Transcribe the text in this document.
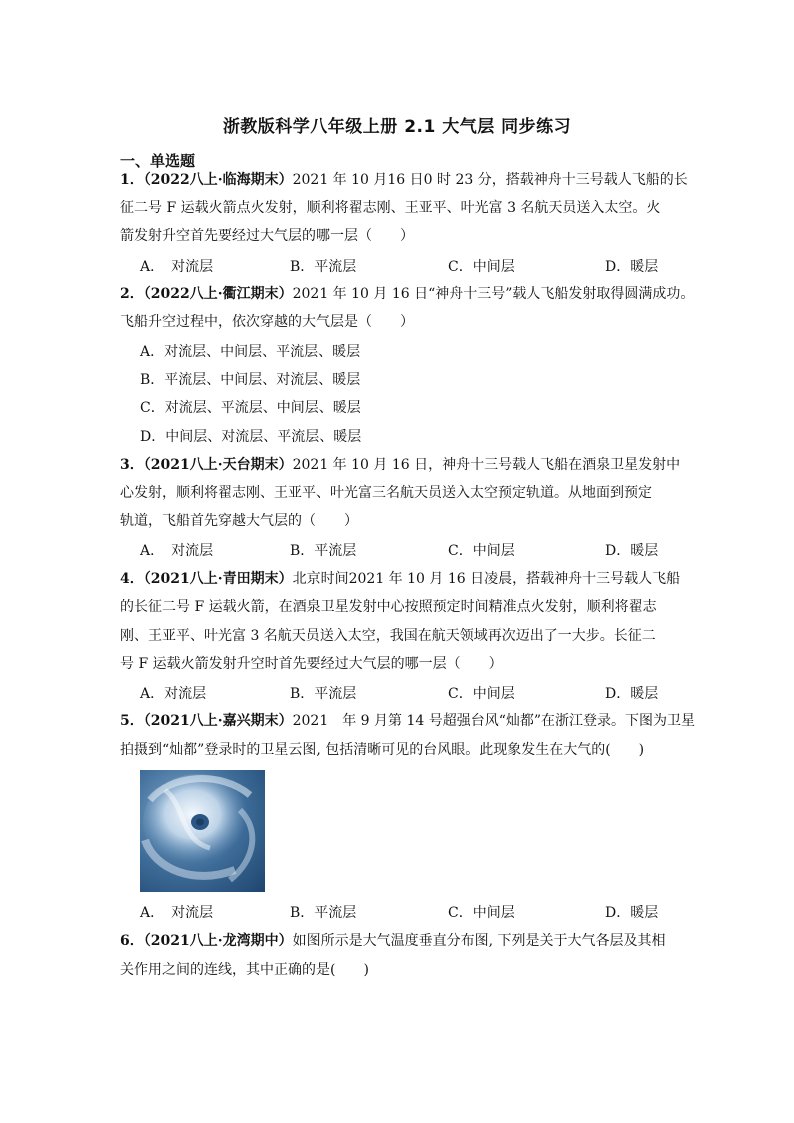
浙教版科学八年级上册 2.1 大气层 同步练习
一、单选题
1．（2022八上·临海期末）2021 年 10 月16 日0 时 23 分，搭载神舟十三号载人飞船的长
征二号 F 运载火箭点火发射，顺利将翟志刚、王亚平、叶光富 3 名航天员送入太空。火
箭发射升空首先要经过大气层的哪一层（　　）
A．　对流层	B．平流层	C．中间层	D．暖层
2．（2022八上·衢江期末）2021 年 10 月 16 日“神舟十三号”载人飞船发射取得圆满成功。
飞船升空过程中，依次穿越的大气层是（　　）
A．对流层、中间层、平流层、暖层
B．平流层、中间层、对流层、暖层
C．对流层、平流层、中间层、暖层
D．中间层、对流层、平流层、暖层
3．（2021八上·天台期末）2021 年 10 月 16 日，神舟十三号载人飞船在酒泉卫星发射中
心发射，顺利将翟志刚、王亚平、叶光富三名航天员送入太空预定轨道。从地面到预定
轨道，飞船首先穿越大气层的（　　）
A．　对流层	B．平流层	C．中间层	D．暖层
4．（2021八上·青田期末）北京时间2021 年 10 月 16 日凌晨，搭载神舟十三号载人飞船
的长征二号 F 运载火箭，在酒泉卫星发射中心按照预定时间精准点火发射，顺利将翟志
刚、王亚平、叶光富 3 名航天员送入太空，我国在航天领域再次迈出了一大步。长征二
号 F 运载火箭发射升空时首先要经过大气层的哪一层（　　）
A．对流层	B．平流层	C．中间层	D．暖层
5．（2021八上·嘉兴期末）2021　年 9 月第 14 号超强台风“灿都”在浙江登录。下图为卫星
拍摄到“灿都”登录时的卫星云图, 包括清晰可见的台风眼。此现象发生在大气的(　　)
A．　对流层	B．平流层	C．中间层	D．暖层
6．（2021八上·龙湾期中）如图所示是大气温度垂直分布图, 下列是关于大气各层及其相
关作用之间的连线，其中正确的是(　　)
